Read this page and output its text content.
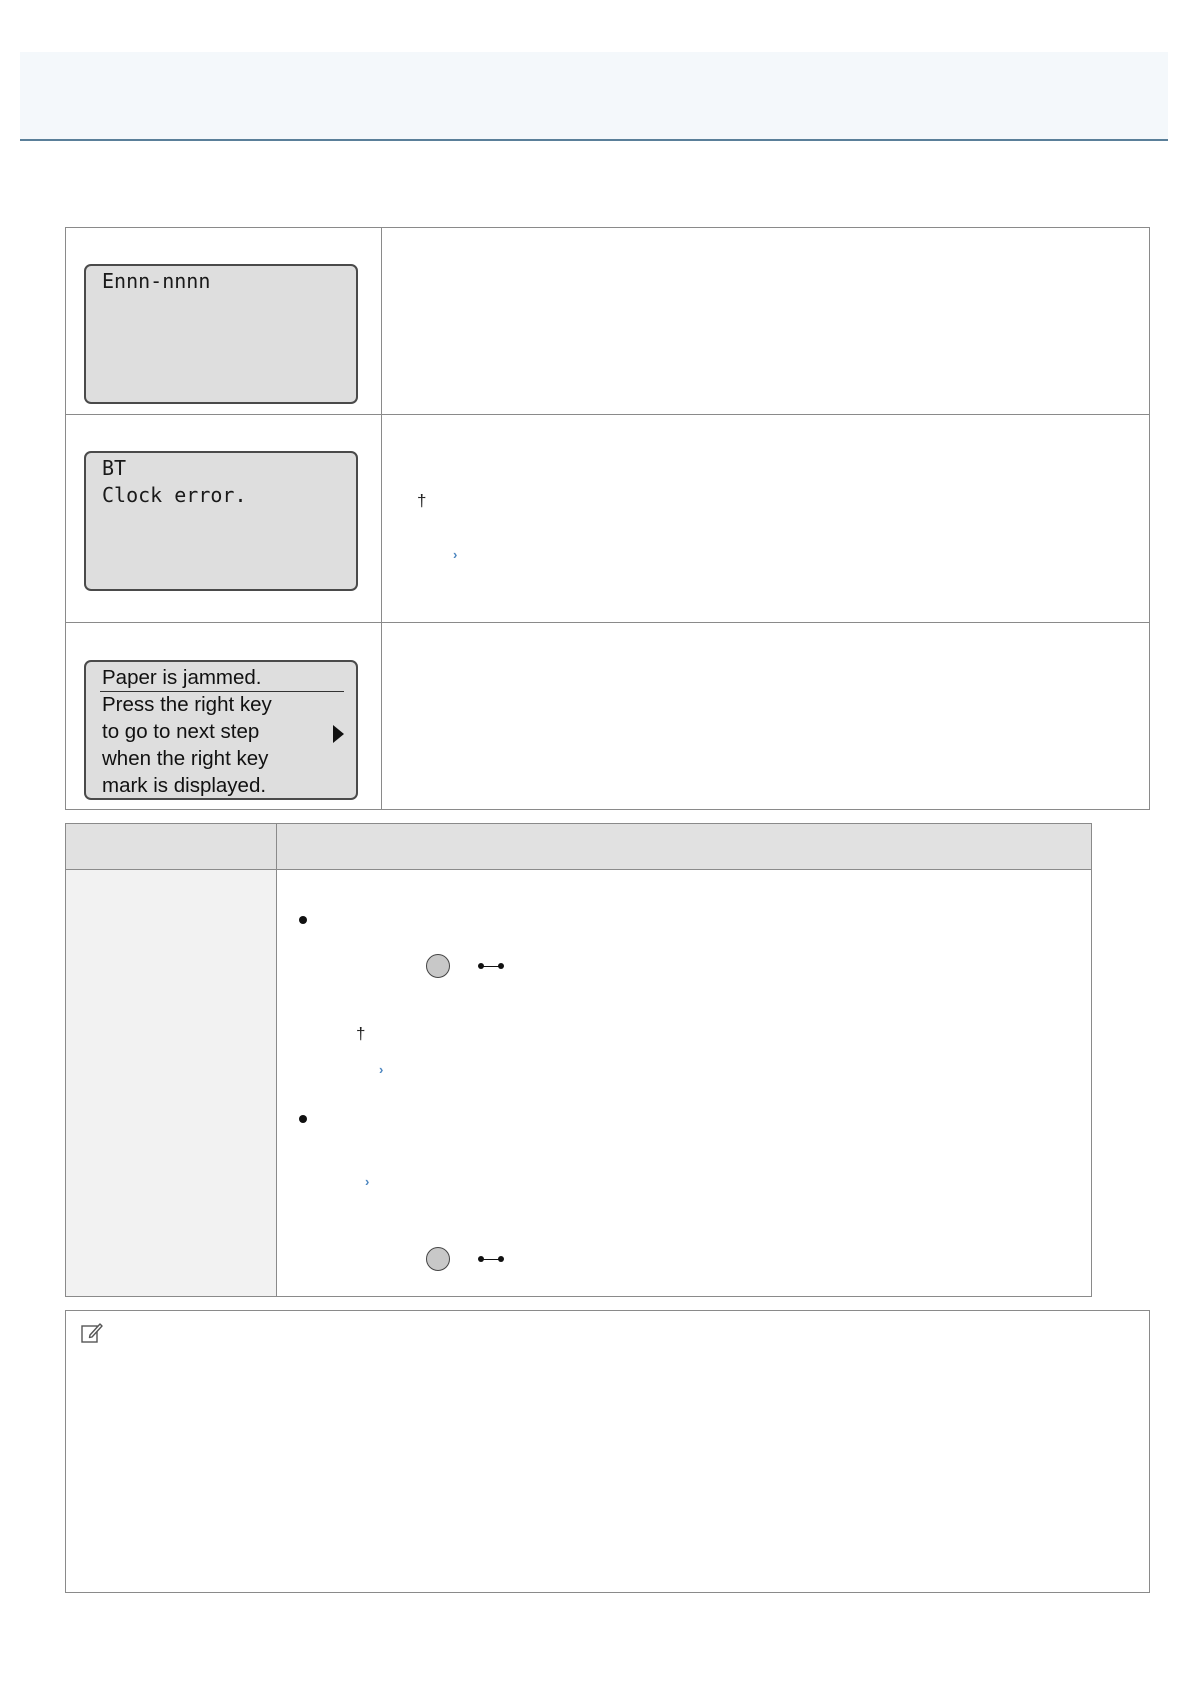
Ennn-nnnn
BT
Clock error.	†
›
Paper is jammed.
Press the right key
to go to next step
when the right key
mark is displayed.
†
›
›
